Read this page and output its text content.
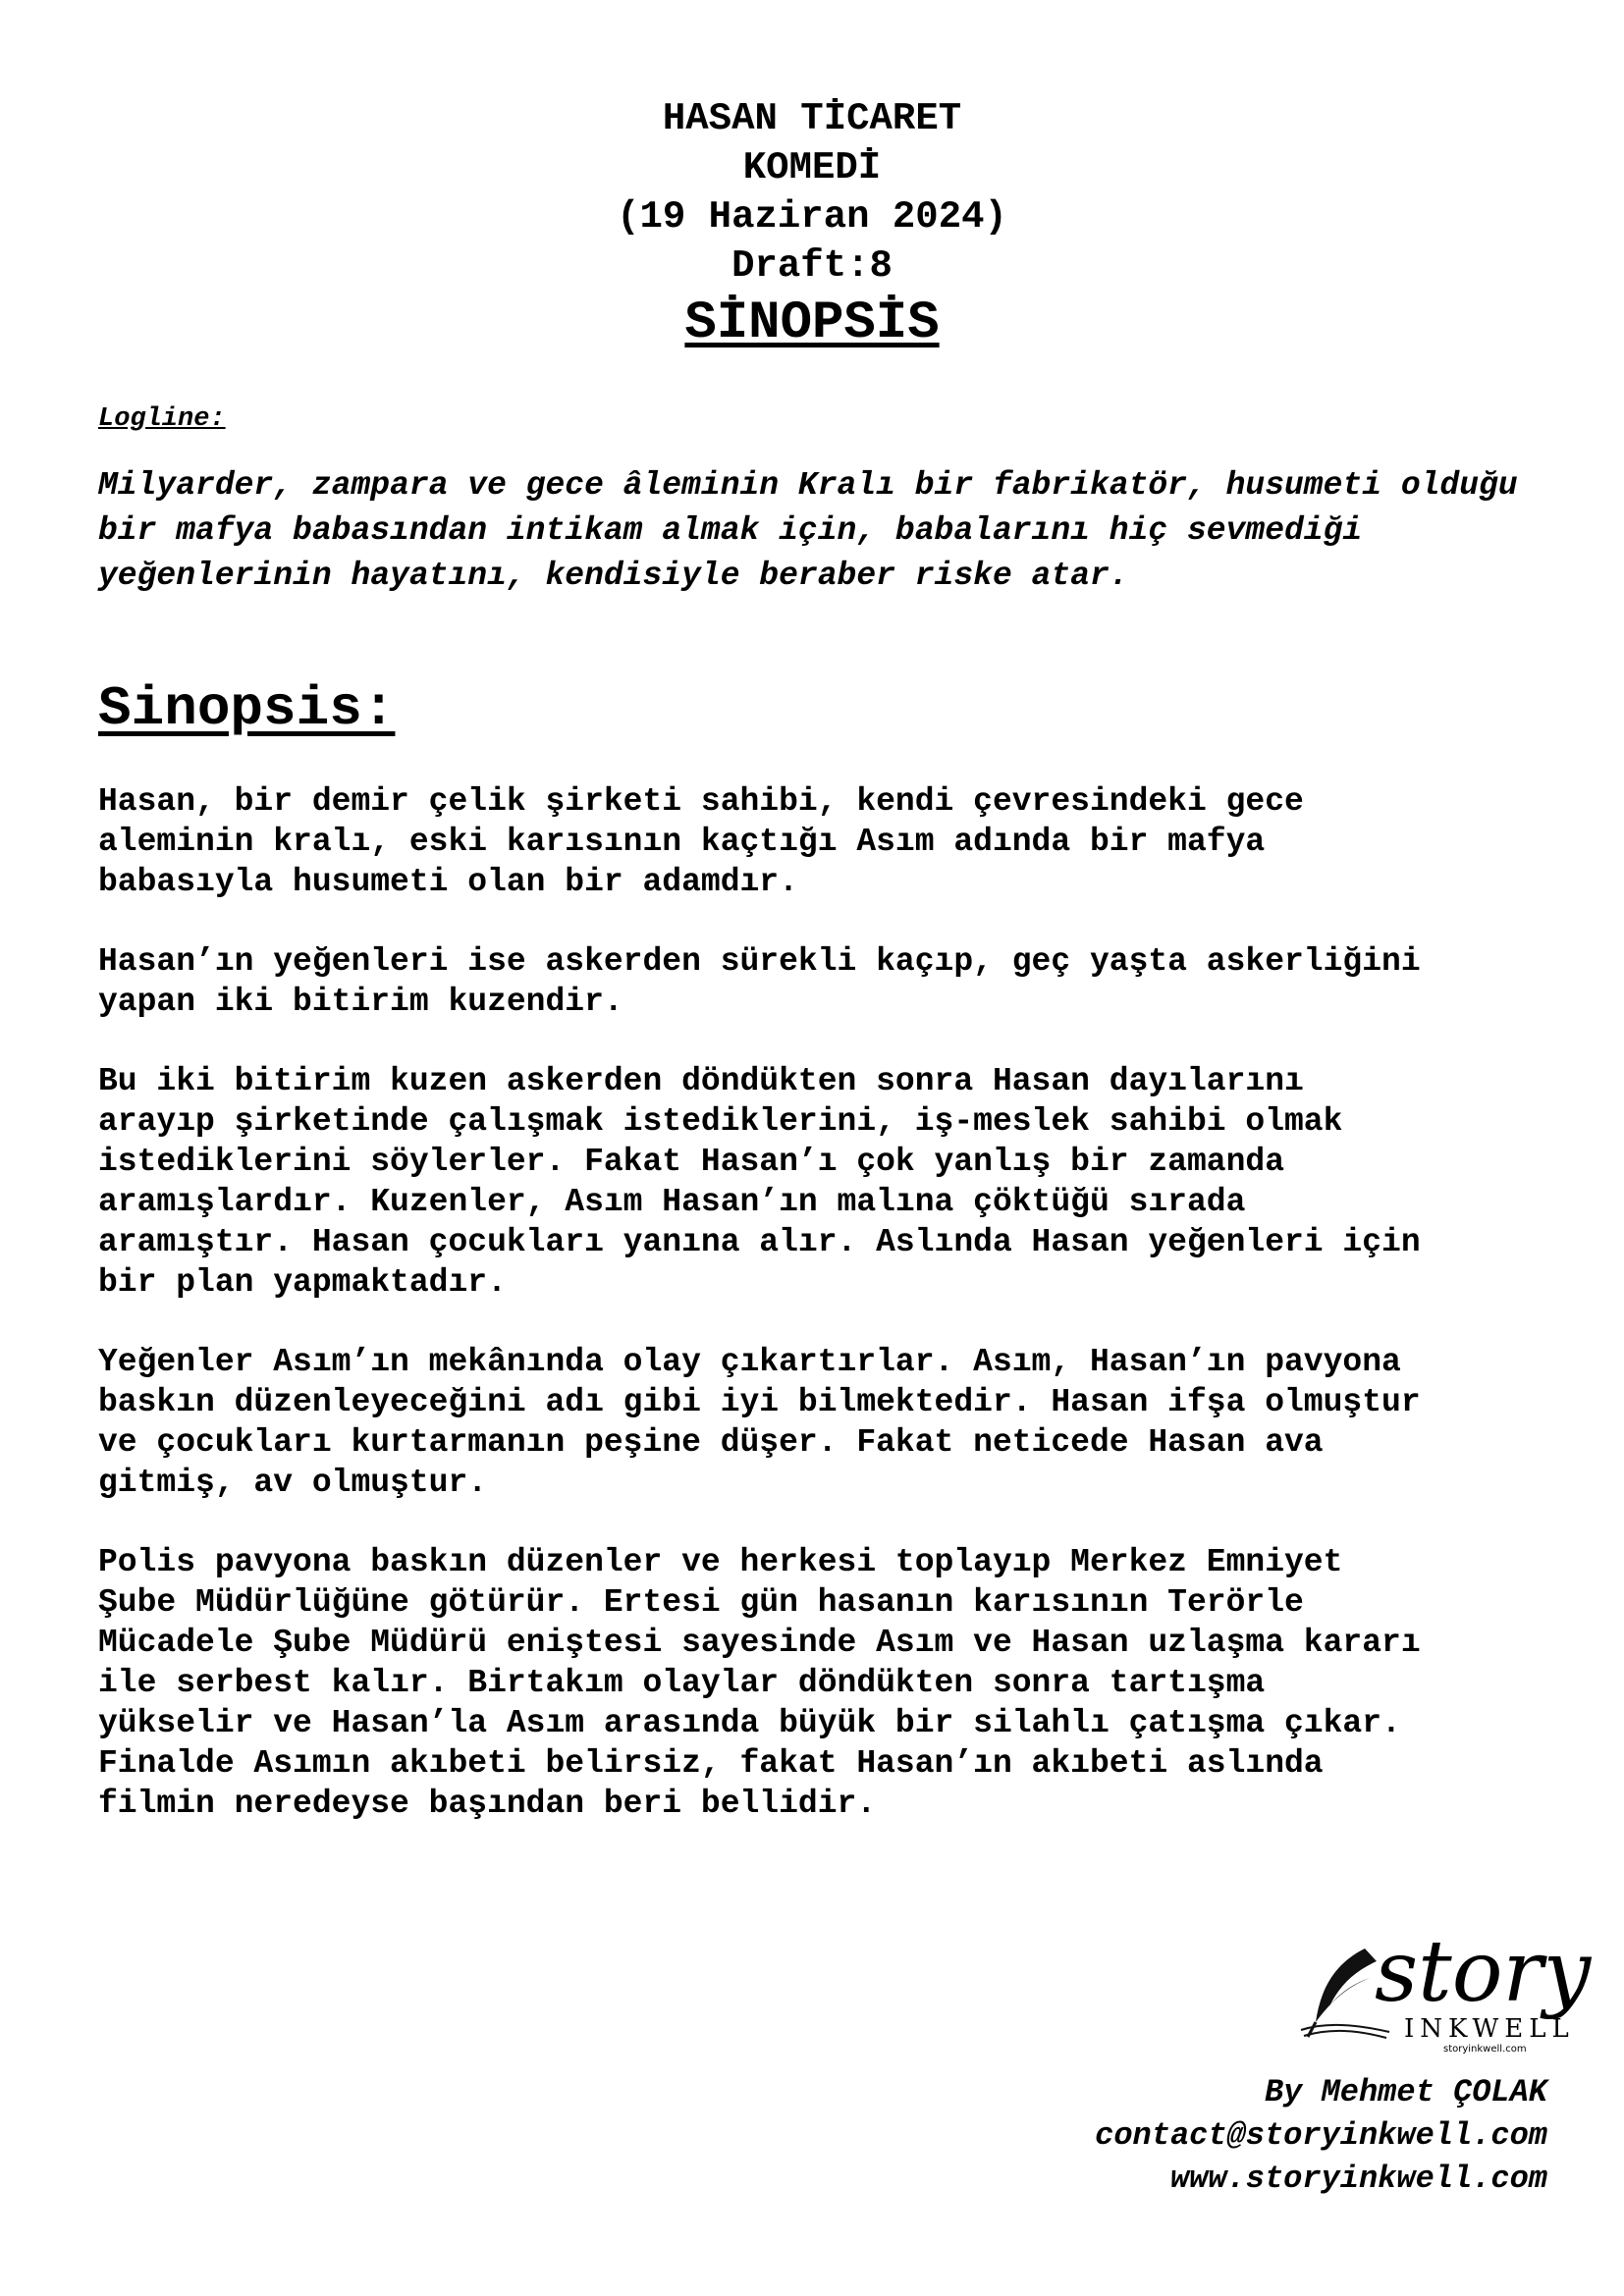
HASAN TİCARET
KOMEDİ
(19 Haziran 2024)
Draft:8
SİNOPSİS
Logline:
Milyarder, zampara ve gece âleminin Kralı bir fabrikatör, husumeti olduğu bir mafya babasından intikam almak için, babalarını hiç sevmediği yeğenlerinin hayatını, kendisiyle beraber riske atar.
Sinopsis:

Hasan, bir demir çelik şirketi sahibi, kendi çevresindeki gece
aleminin kralı, eski karısının kaçtığı Asım adında bir mafya
babasıyla husumeti olan bir adamdır.

Hasan’ın yeğenleri ise askerden sürekli kaçıp, geç yaşta askerliğini
yapan iki bitirim kuzendir.

Bu iki bitirim kuzen askerden döndükten sonra Hasan dayılarını
arayıp şirketinde çalışmak istediklerini, iş-meslek sahibi olmak
istediklerini söylerler. Fakat Hasan’ı çok yanlış bir zamanda
aramışlardır. Kuzenler, Asım Hasan’ın malına çöktüğü sırada
aramıştır. Hasan çocukları yanına alır. Aslında Hasan yeğenleri için
bir plan yapmaktadır.

Yeğenler Asım’ın mekânında olay çıkartırlar. Asım, Hasan’ın pavyona
baskın düzenleyeceğini adı gibi iyi bilmektedir. Hasan ifşa olmuştur
ve çocukları kurtarmanın peşine düşer. Fakat neticede Hasan ava
gitmiş, av olmuştur.

Polis pavyona baskın düzenler ve herkesi toplayıp Merkez Emniyet
Şube Müdürlüğüne götürür. Ertesi gün hasanın karısının Terörle
Mücadele Şube Müdürü eniştesi sayesinde Asım ve Hasan uzlaşma kararı
ile serbest kalır. Birtakım olaylar döndükten sonra tartışma
yükselir ve Hasan’la Asım arasında büyük bir silahlı çatışma çıkar.
Finalde Asımın akıbeti belirsiz, fakat Hasan’ın akıbeti aslında
filmin neredeyse başından beri bellidir.

story
INKWELL
storyinkwell.com
By Mehmet ÇOLAK
contact@storyinkwell.com
www.storyinkwell.com
